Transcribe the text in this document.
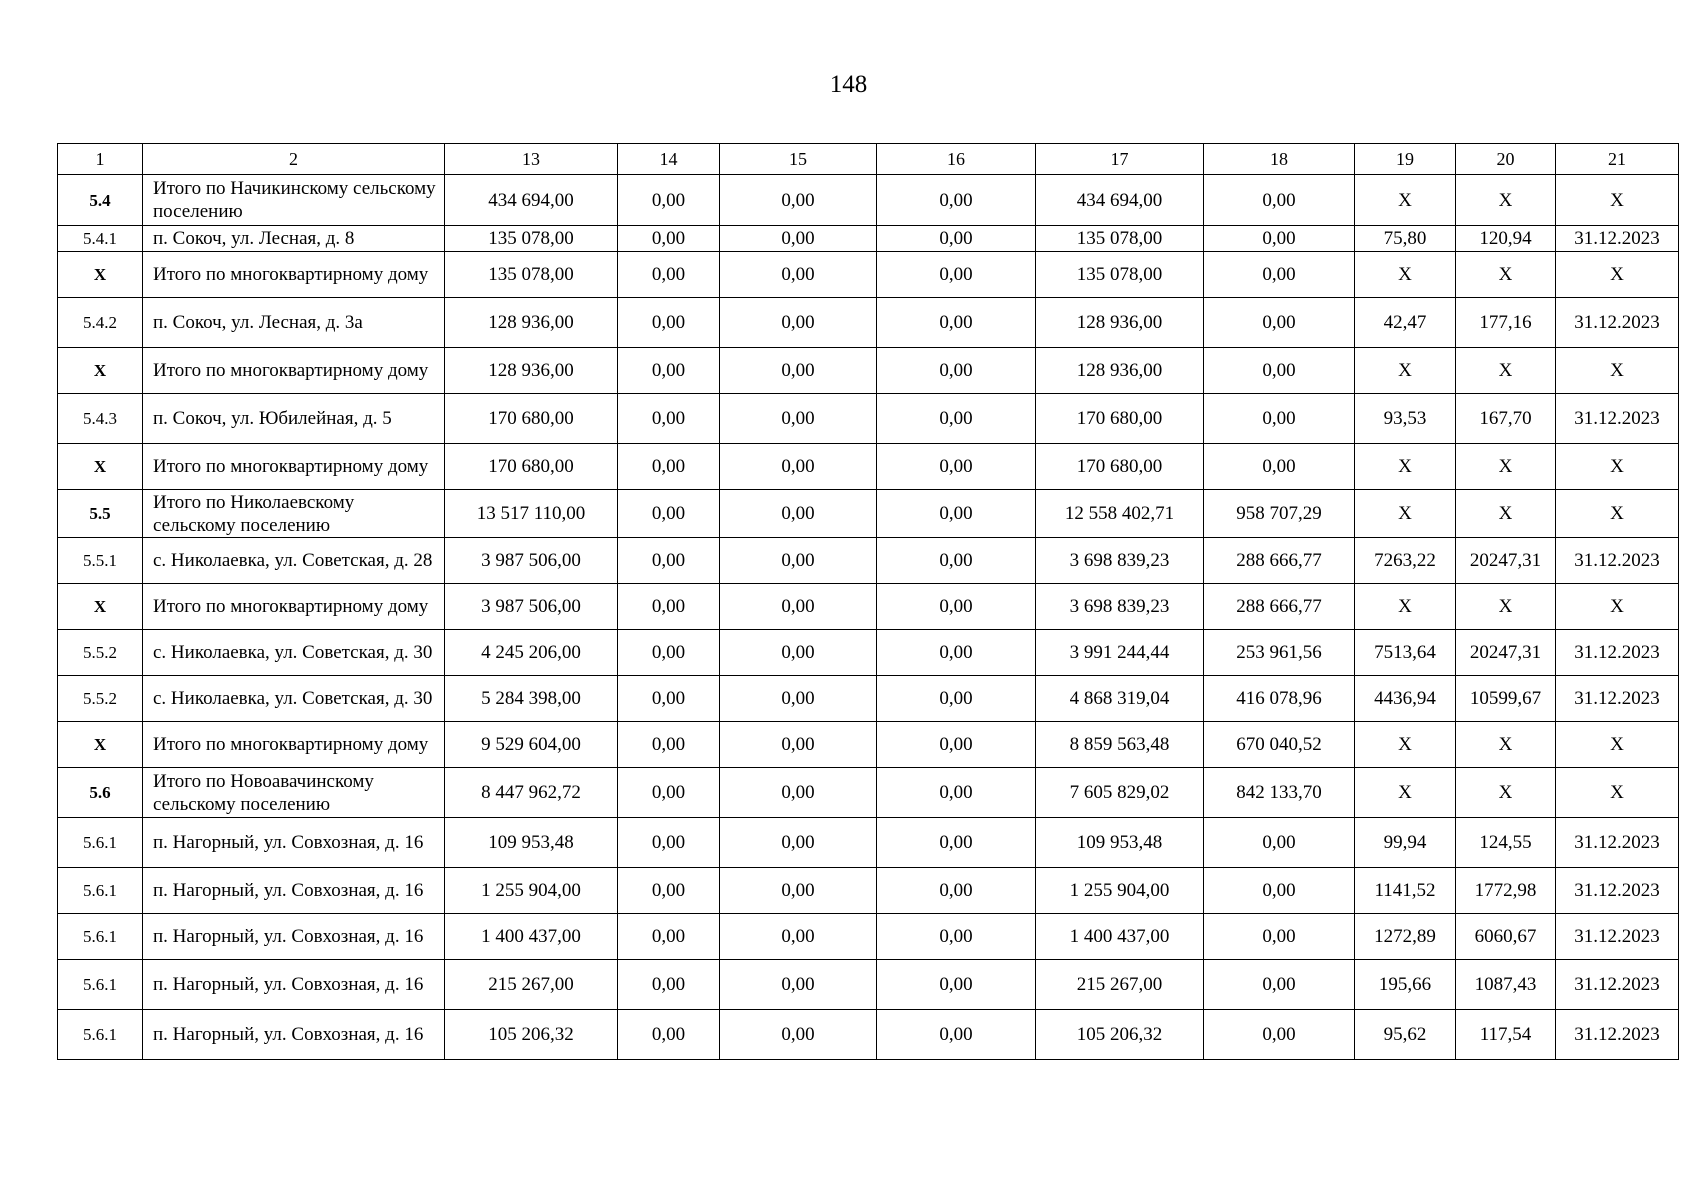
148
1	2	13	14	15	16	17	18	19	20	21
5.4	Итого по Начикинскому сельскому поселению	434 694,00	0,00	0,00	0,00	434 694,00	0,00	X	X	X
5.4.1	п. Сокоч, ул. Лесная, д. 8	135 078,00	0,00	0,00	0,00	135 078,00	0,00	75,80	120,94	31.12.2023
X	Итого по многоквартирному дому	135 078,00	0,00	0,00	0,00	135 078,00	0,00	X	X	X
5.4.2	п. Сокоч, ул. Лесная, д. 3а	128 936,00	0,00	0,00	0,00	128 936,00	0,00	42,47	177,16	31.12.2023
X	Итого по многоквартирному дому	128 936,00	0,00	0,00	0,00	128 936,00	0,00	X	X	X
5.4.3	п. Сокоч, ул. Юбилейная, д. 5	170 680,00	0,00	0,00	0,00	170 680,00	0,00	93,53	167,70	31.12.2023
X	Итого по многоквартирному дому	170 680,00	0,00	0,00	0,00	170 680,00	0,00	X	X	X
5.5	Итого по Николаевскому сельскому поселению	13 517 110,00	0,00	0,00	0,00	12 558 402,71	958 707,29	X	X	X
5.5.1	с. Николаевка, ул. Советская, д. 28	3 987 506,00	0,00	0,00	0,00	3 698 839,23	288 666,77	7263,22	20247,31	31.12.2023
X	Итого по многоквартирному дому	3 987 506,00	0,00	0,00	0,00	3 698 839,23	288 666,77	X	X	X
5.5.2	с. Николаевка, ул. Советская, д. 30	4 245 206,00	0,00	0,00	0,00	3 991 244,44	253 961,56	7513,64	20247,31	31.12.2023
5.5.2	с. Николаевка, ул. Советская, д. 30	5 284 398,00	0,00	0,00	0,00	4 868 319,04	416 078,96	4436,94	10599,67	31.12.2023
X	Итого по многоквартирному дому	9 529 604,00	0,00	0,00	0,00	8 859 563,48	670 040,52	X	X	X
5.6	Итого по Новоавачинскому сельскому поселению	8 447 962,72	0,00	0,00	0,00	7 605 829,02	842 133,70	X	X	X
5.6.1	п. Нагорный, ул. Совхозная, д. 16	109 953,48	0,00	0,00	0,00	109 953,48	0,00	99,94	124,55	31.12.2023
5.6.1	п. Нагорный, ул. Совхозная, д. 16	1 255 904,00	0,00	0,00	0,00	1 255 904,00	0,00	1141,52	1772,98	31.12.2023
5.6.1	п. Нагорный, ул. Совхозная, д. 16	1 400 437,00	0,00	0,00	0,00	1 400 437,00	0,00	1272,89	6060,67	31.12.2023
5.6.1	п. Нагорный, ул. Совхозная, д. 16	215 267,00	0,00	0,00	0,00	215 267,00	0,00	195,66	1087,43	31.12.2023
5.6.1	п. Нагорный, ул. Совхозная, д. 16	105 206,32	0,00	0,00	0,00	105 206,32	0,00	95,62	117,54	31.12.2023
